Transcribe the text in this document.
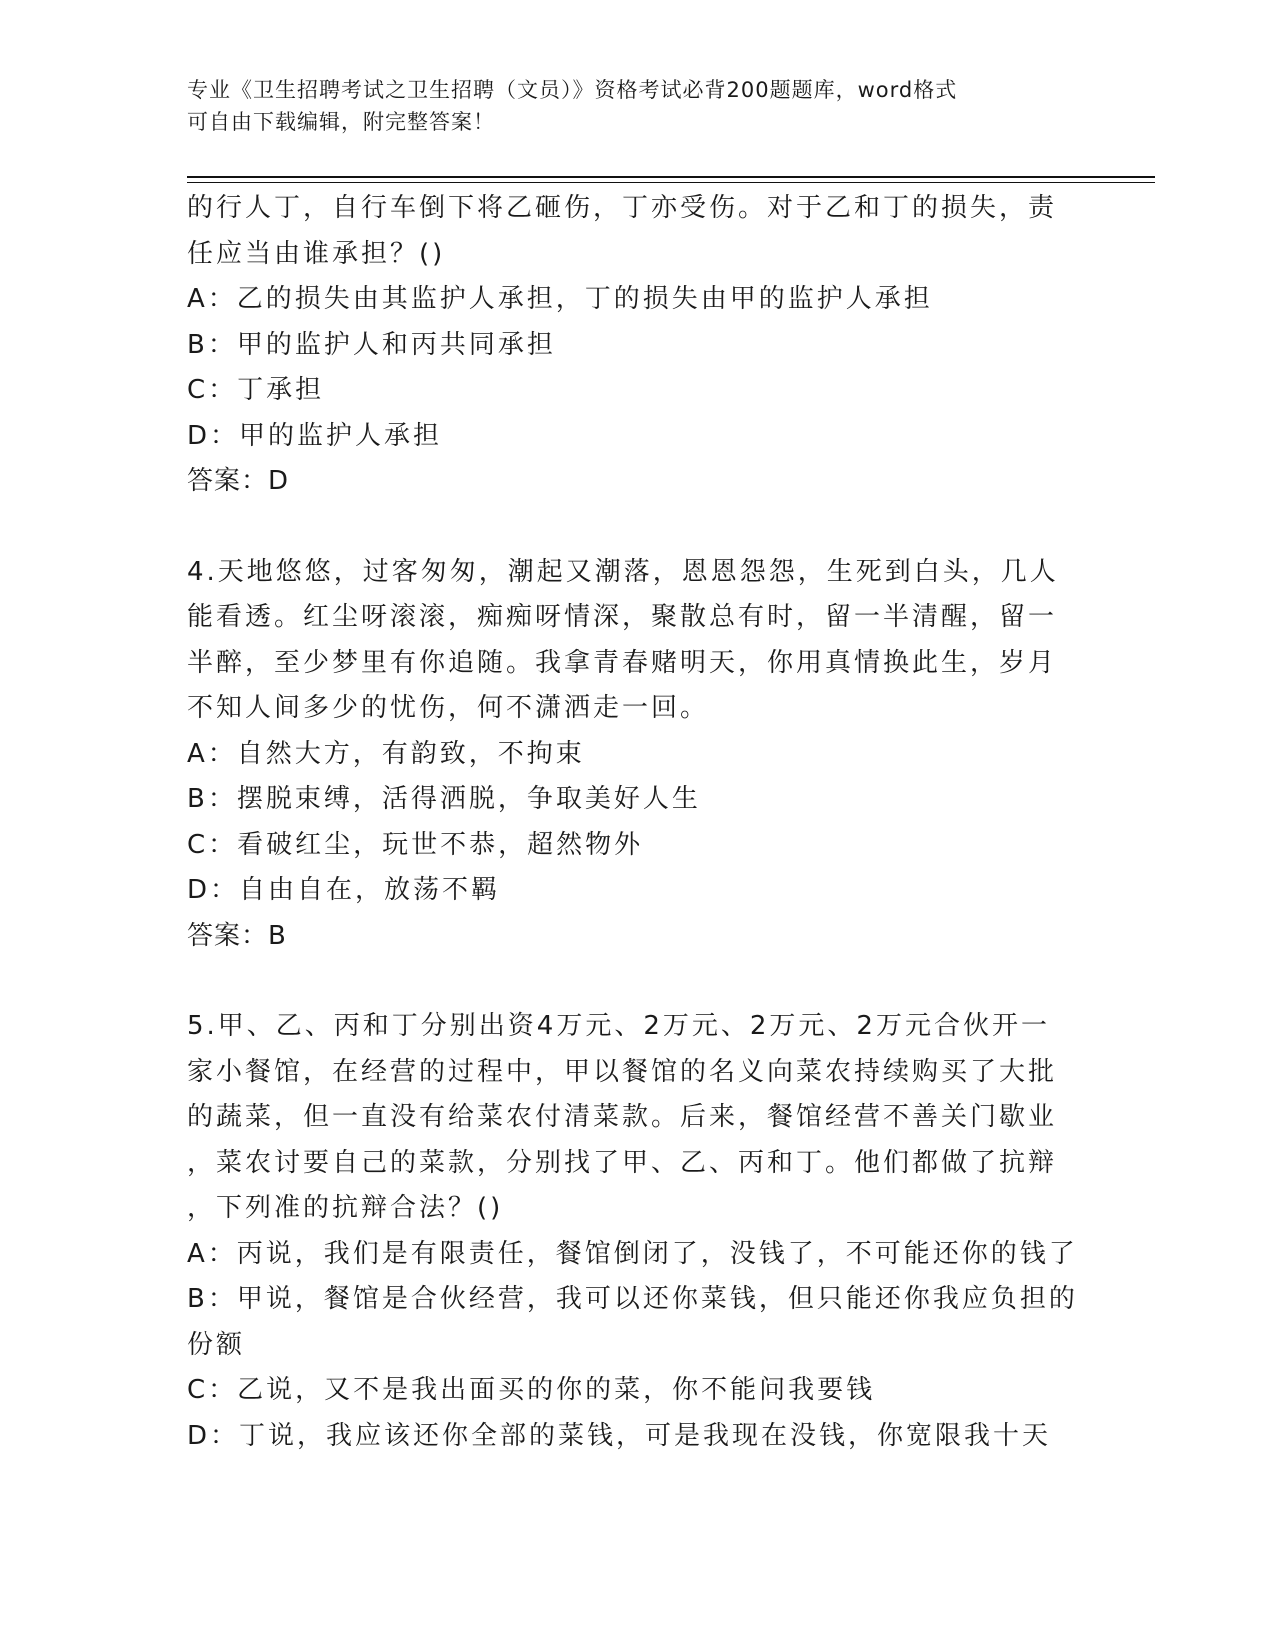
专业《卫生招聘考试之卫生招聘（文员）》资格考试必背200题题库，word格式
可自由下载编辑，附完整答案！

的行人丁，自行车倒下将乙砸伤，丁亦受伤。对于乙和丁的损失，责

任应当由谁承担？()

A：乙的损失由其监护人承担，丁的损失由甲的监护人承担

B：甲的监护人和丙共同承担

C：丁承担

D：甲的监护人承担

答案：D

4.天地悠悠，过客匆匆，潮起又潮落，恩恩怨怨，生死到白头，几人

能看透。红尘呀滚滚，痴痴呀情深，聚散总有时，留一半清醒，留一

半醉，至少梦里有你追随。我拿青春赌明天，你用真情换此生，岁月

不知人间多少的忧伤，何不潇洒走一回。

A：自然大方，有韵致，不拘束

B：摆脱束缚，活得洒脱，争取美好人生

C：看破红尘，玩世不恭，超然物外

D：自由自在，放荡不羁

答案：B

5.甲、乙、丙和丁分别出资4万元、2万元、2万元、2万元合伙开一

家小餐馆，在经营的过程中，甲以餐馆的名义向菜农持续购买了大批

的蔬菜，但一直没有给菜农付清菜款。后来，餐馆经营不善关门歇业

，菜农讨要自己的菜款，分别找了甲、乙、丙和丁。他们都做了抗辩

，下列准的抗辩合法？()

A：丙说，我们是有限责任，餐馆倒闭了，没钱了，不可能还你的钱了

B：甲说，餐馆是合伙经营，我可以还你菜钱，但只能还你我应负担的

份额

C：乙说，又不是我出面买的你的菜，你不能问我要钱

D：丁说，我应该还你全部的菜钱，可是我现在没钱，你宽限我十天
